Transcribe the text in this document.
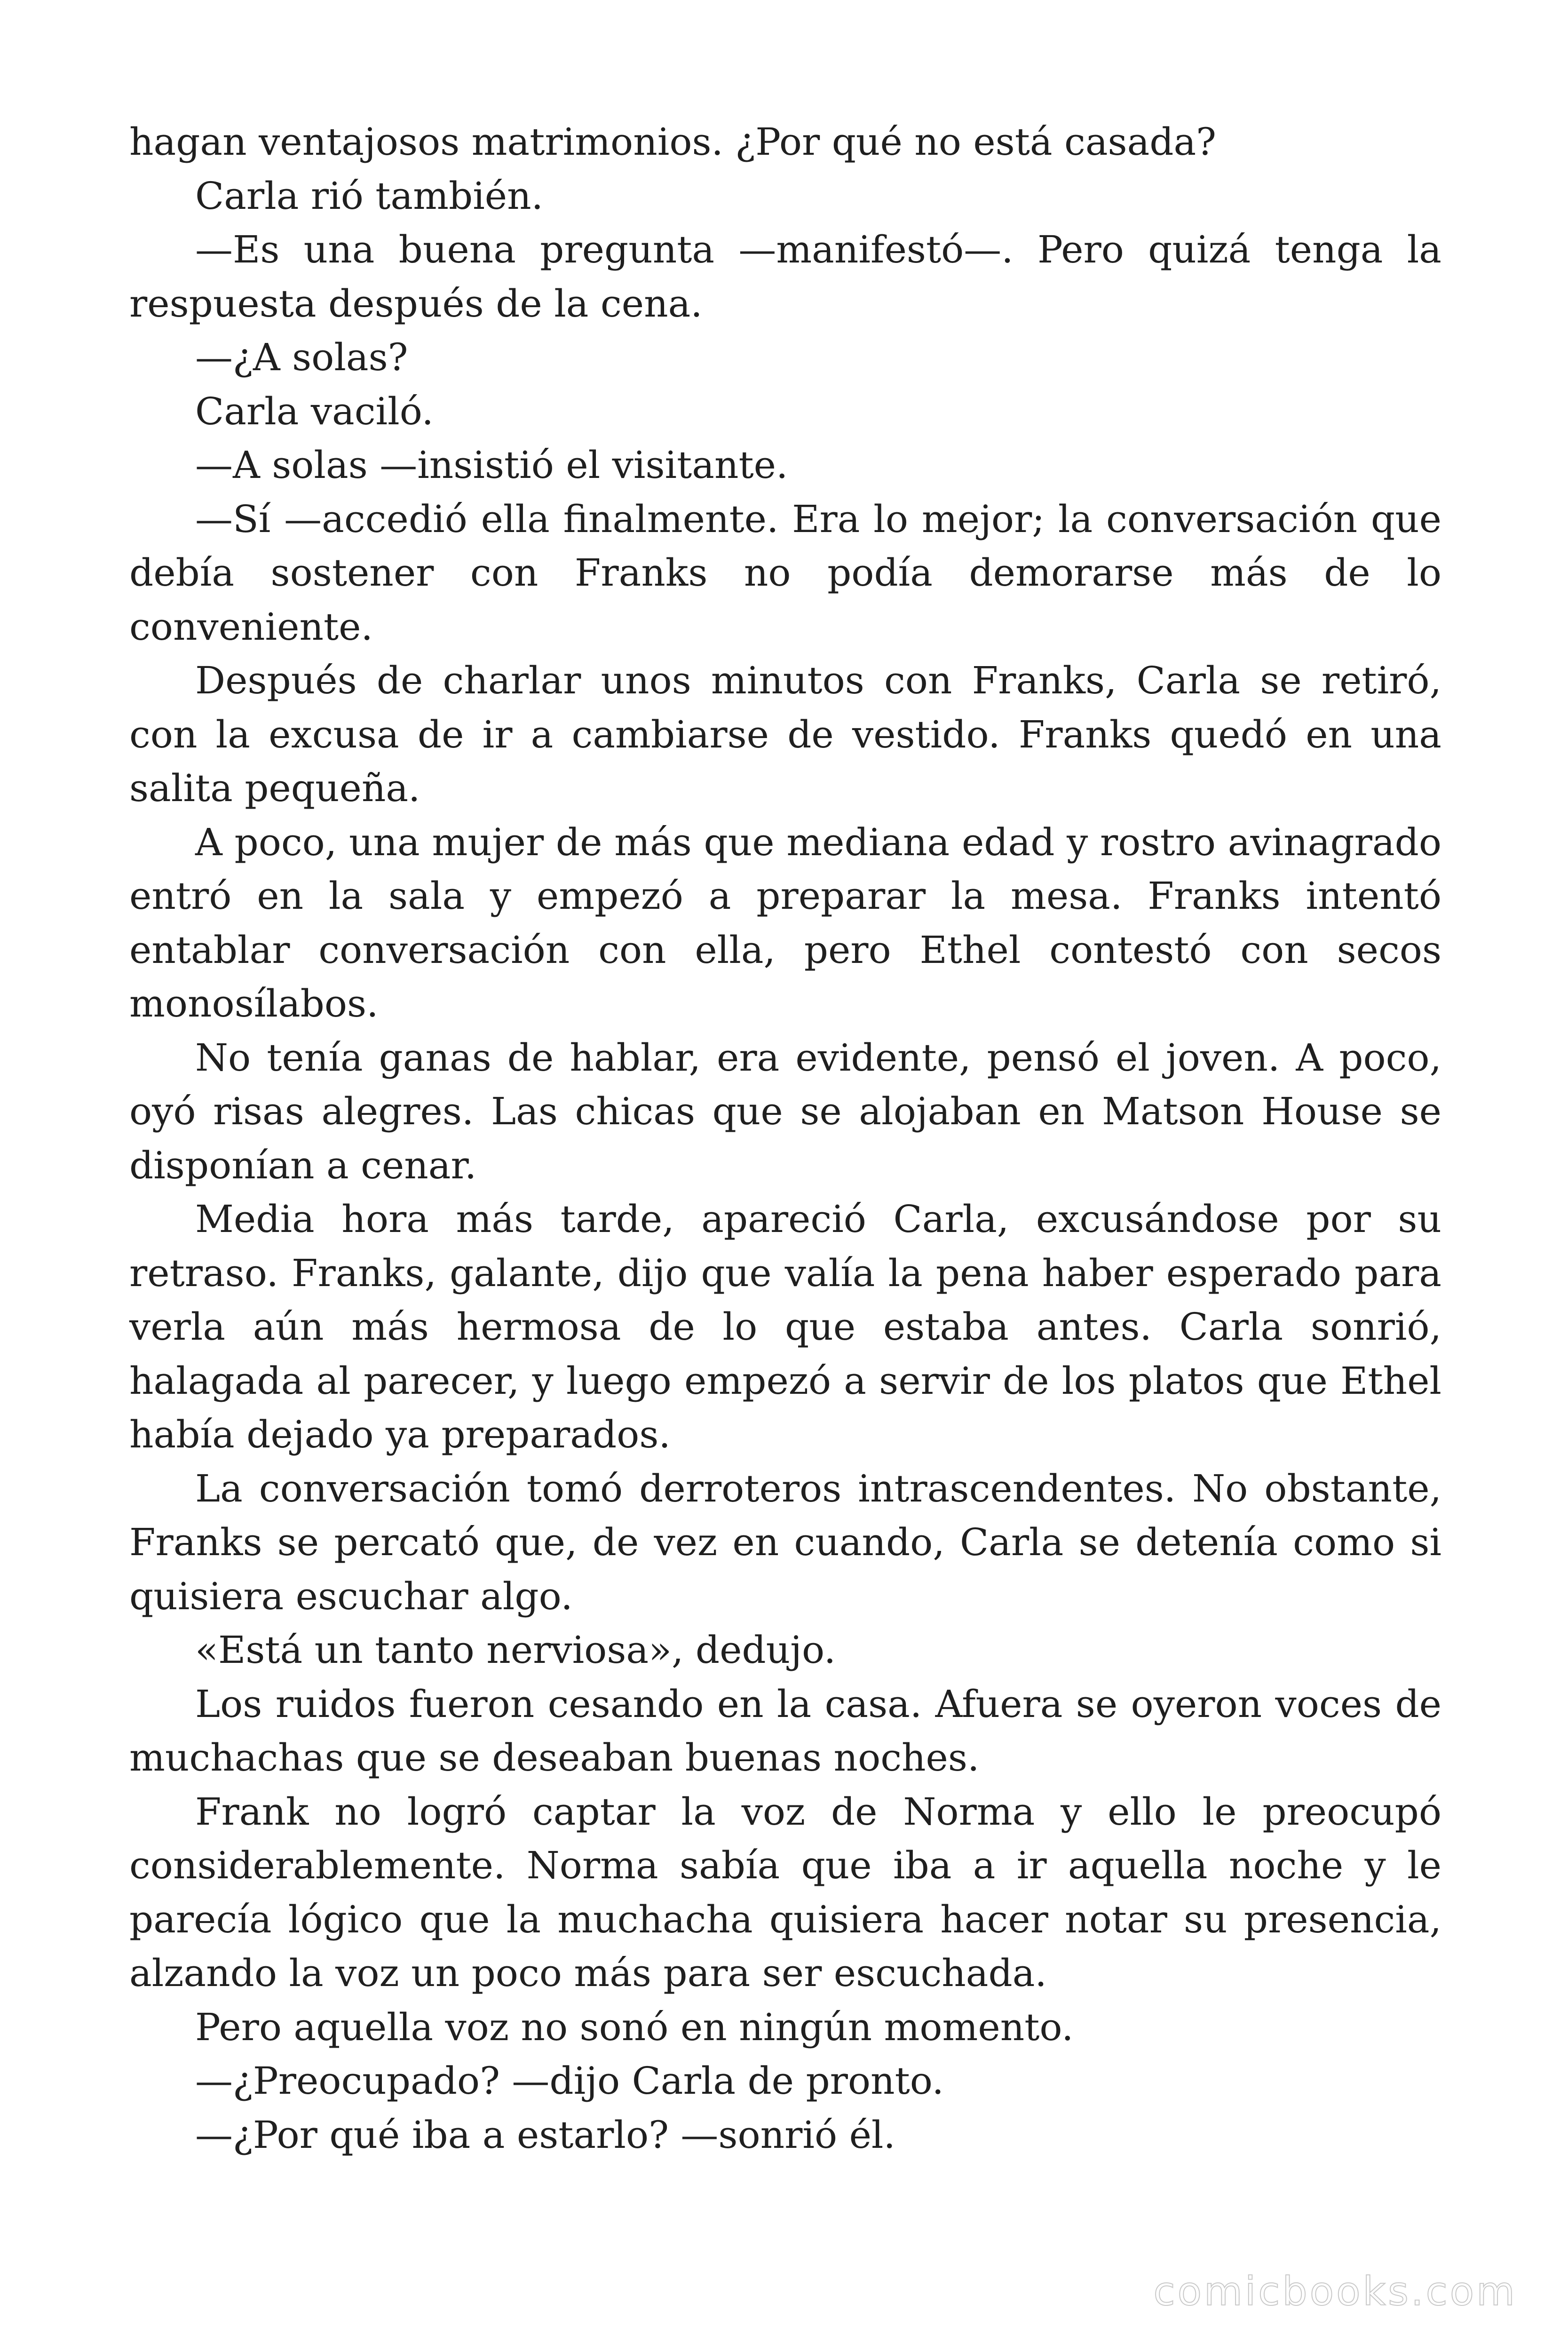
hagan ventajosos matrimonios. ¿Por qué no está casada?

Carla rió también.

—Es una buena pregunta —manifestó—. Pero quizá tenga la respuesta después de la cena.

—¿A solas?

Carla vaciló.

—A solas —insistió el visitante.

—Sí —accedió ella finalmente. Era lo mejor; la conversación que debía sostener con Franks no podía demorarse más de lo conveniente.

Después de charlar unos minutos con Franks, Carla se retiró, con la excusa de ir a cambiarse de vestido. Franks quedó en una salita pequeña.

A poco, una mujer de más que mediana edad y rostro avinagrado entró en la sala y empezó a preparar la mesa. Franks intentó entablar conversación con ella, pero Ethel contestó con secos monosílabos.

No tenía ganas de hablar, era evidente, pensó el joven. A poco, oyó risas alegres. Las chicas que se alojaban en Matson House se disponían a cenar.

Media hora más tarde, apareció Carla, excusándose por su retraso. Franks, galante, dijo que valía la pena haber esperado para verla aún más hermosa de lo que estaba antes. Carla sonrió, halagada al parecer, y luego empezó a servir de los platos que Ethel había dejado ya preparados.

La conversación tomó derroteros intrascendentes. No obstante, Franks se percató que, de vez en cuando, Carla se detenía como si quisiera escuchar algo.

«Está un tanto nerviosa», dedujo.

Los ruidos fueron cesando en la casa. Afuera se oyeron voces de muchachas que se deseaban buenas noches.

Frank no logró captar la voz de Norma y ello le preocupó considerablemente. Norma sabía que iba a ir aquella noche y le parecía lógico que la muchacha quisiera hacer notar su presencia, alzando la voz un poco más para ser escuchada.

Pero aquella voz no sonó en ningún momento.

—¿Preocupado? —dijo Carla de pronto.

—¿Por qué iba a estarlo? —sonrió él.

comicbooks.com
